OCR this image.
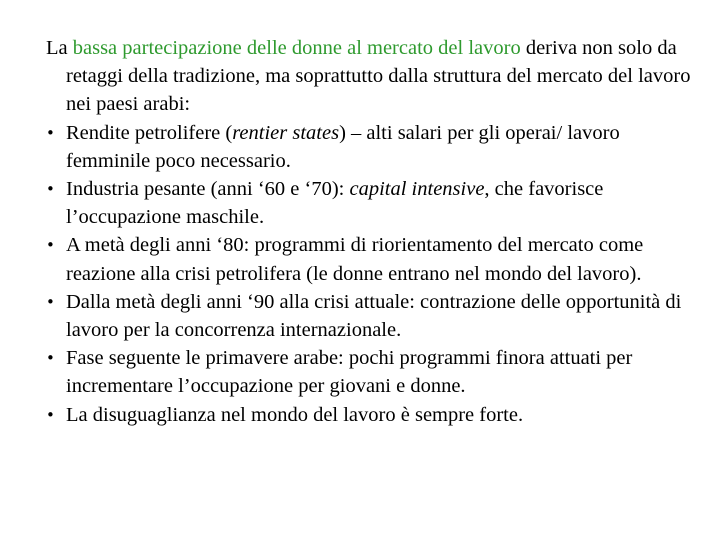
La bassa partecipazione delle donne al mercato del lavoro deriva non solo da retaggi della tradizione, ma soprattutto dalla struttura del mercato del lavoro nei paesi arabi:

• Rendite petrolifere (rentier states) – alti salari per gli operai/ lavoro femminile poco necessario.
• Industria pesante (anni ‘60 e ‘70): capital intensive, che favorisce l’occupazione maschile.
• A metà degli anni ‘80: programmi di riorientamento del mercato come reazione alla crisi petrolifera (le donne entrano nel mondo del lavoro).
• Dalla metà degli anni ‘90 alla crisi attuale: contrazione delle opportunità di lavoro per la concorrenza internazionale.
• Fase seguente le primavere arabe: pochi programmi finora attuati per incrementare l’occupazione per giovani e donne.
• La disuguaglianza nel mondo del lavoro è sempre forte.
